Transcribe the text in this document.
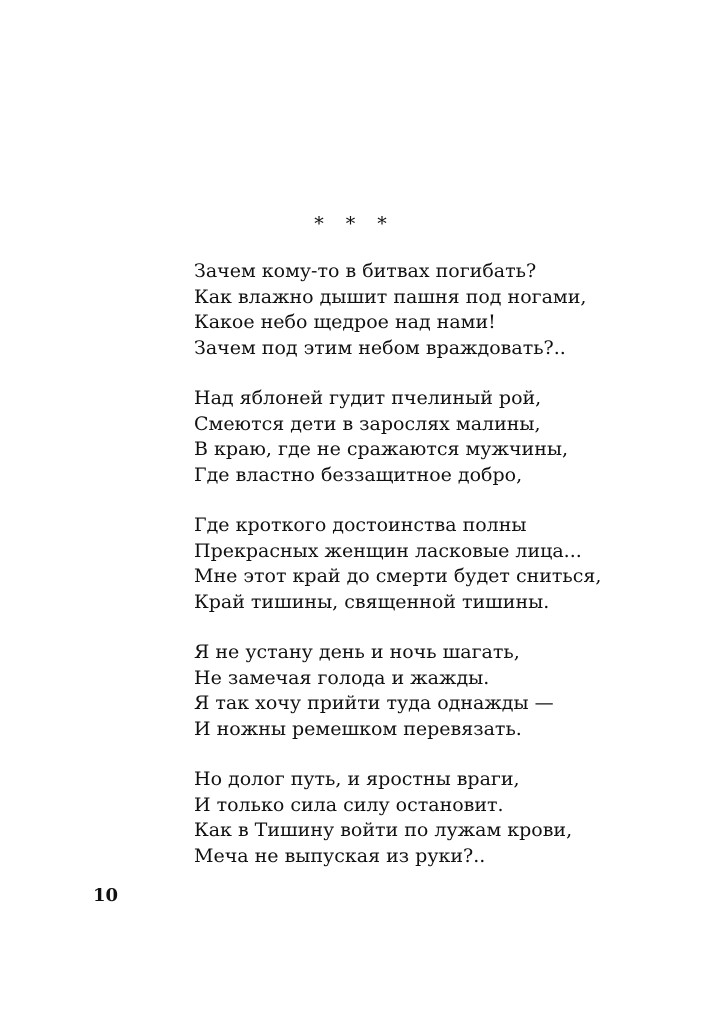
* * *
Зачем кому-то в битвах погибать?
Как влажно дышит пашня под ногами,
Какое небо щедрое над нами!
Зачем под этим небом враждовать?..
Над яблоней гудит пчелиный рой,
Смеются дети в зарослях малины,
В краю, где не сражаются мужчины,
Где властно беззащитное добро,
Где кроткого достоинства полны
Прекрасных женщин ласковые лица...
Мне этот край до смерти будет сниться,
Край тишины, священной тишины.
Я не устану день и ночь шагать,
Не замечая голода и жажды.
Я так хочу прийти туда однажды —
И ножны ремешком перевязать.
Но долог путь, и яростны враги,
И только сила силу остановит.
Как в Тишину войти по лужам крови,
Меча не выпуская из руки?..
10
